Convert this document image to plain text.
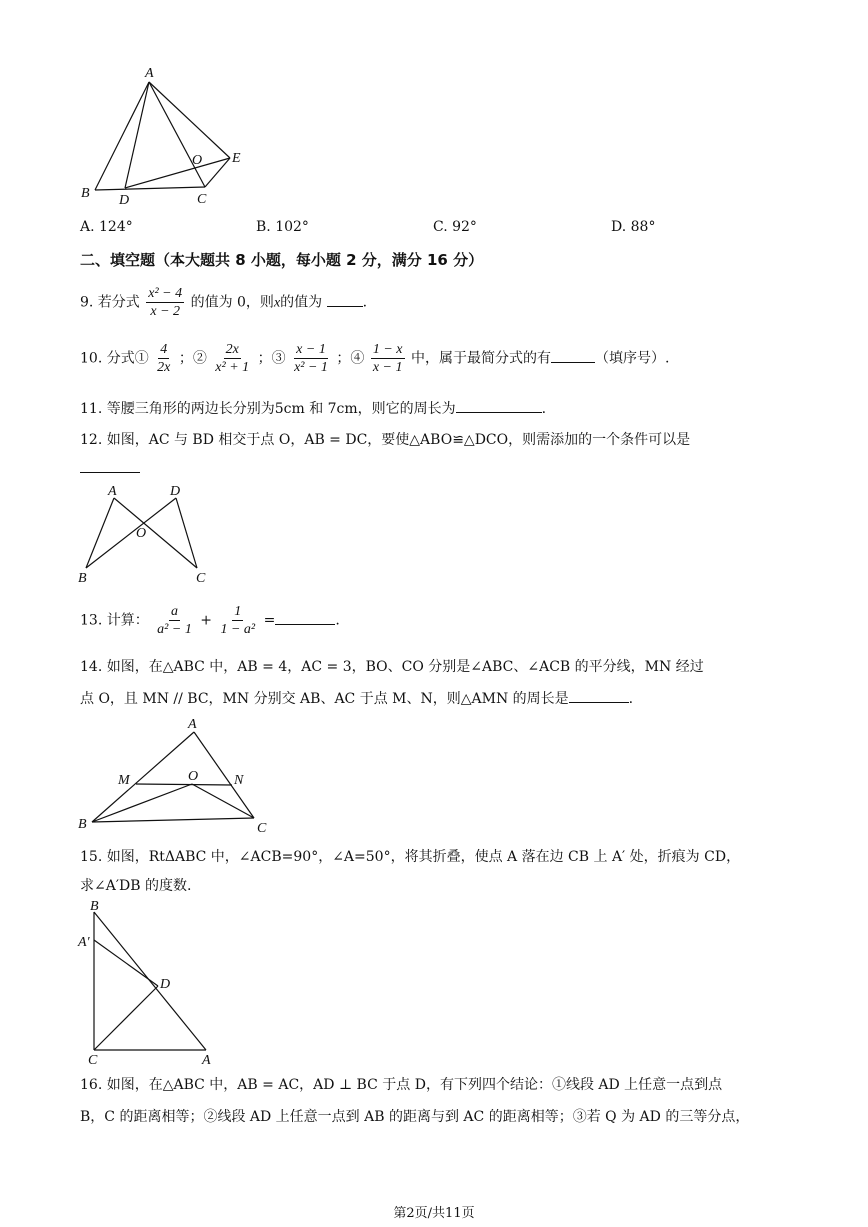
A
B D	C
O E
A. 124°	B. 102°	C. 92°	D. 88°
二、填空题（本大题共 8 小题，每小题 2 分，满分 16 分）
9. 若分式 $\frac{\text{x² − 4}}{x - 2}$ 的值为 0，则x的值为	.
10. 分式① $\frac{4}{2x}$ ；② $\frac{2x}{\text{x² + 1}}$ ；③ $\frac{x - 1}{\text{x² − 1}}$ ；④ $\frac{1 - x}{x - 1}$ 中，属于最简分式的有	（填序号）.
11. 等腰三角形的两边长分别为5cm 和 7cm，则它的周长为	.
12. 如图，AC 与 BD 相交于点 O，AB = DC，要使△ABO≌△DCO，则需添加的一个条件可以是
A	D
O
B	C
13. 计算： $\frac{a}{\text{a² − 1}} + \frac{1}{\text{1 − a²}}$ =	.
14. 如图，在△ABC 中，AB = 4，AC = 3，BO、CO 分别是∠ABC、∠ACB 的平分线，MN 经过
点 O，且 MN // BC，MN 分别交 AB、AC 于点 M、N，则△AMN 的周长是	.
A
M	O	N
B	C
15. 如图，RtΔABC 中，∠ACB=90°，∠A=50°，将其折叠，使点 A 落在边 CB 上 A′ 处，折痕为 CD，
求∠A′DB 的度数.
B
A′
D
C	A
16. 如图，在△ABC 中，AB = AC，AD ⊥ BC 于点 D，有下列四个结论：①线段 AD 上任意一点到点
B，C 的距离相等；②线段 AD 上任意一点到 AB 的距离与到 AC 的距离相等；③若 Q 为 AD 的三等分点，
第2页/共11页
